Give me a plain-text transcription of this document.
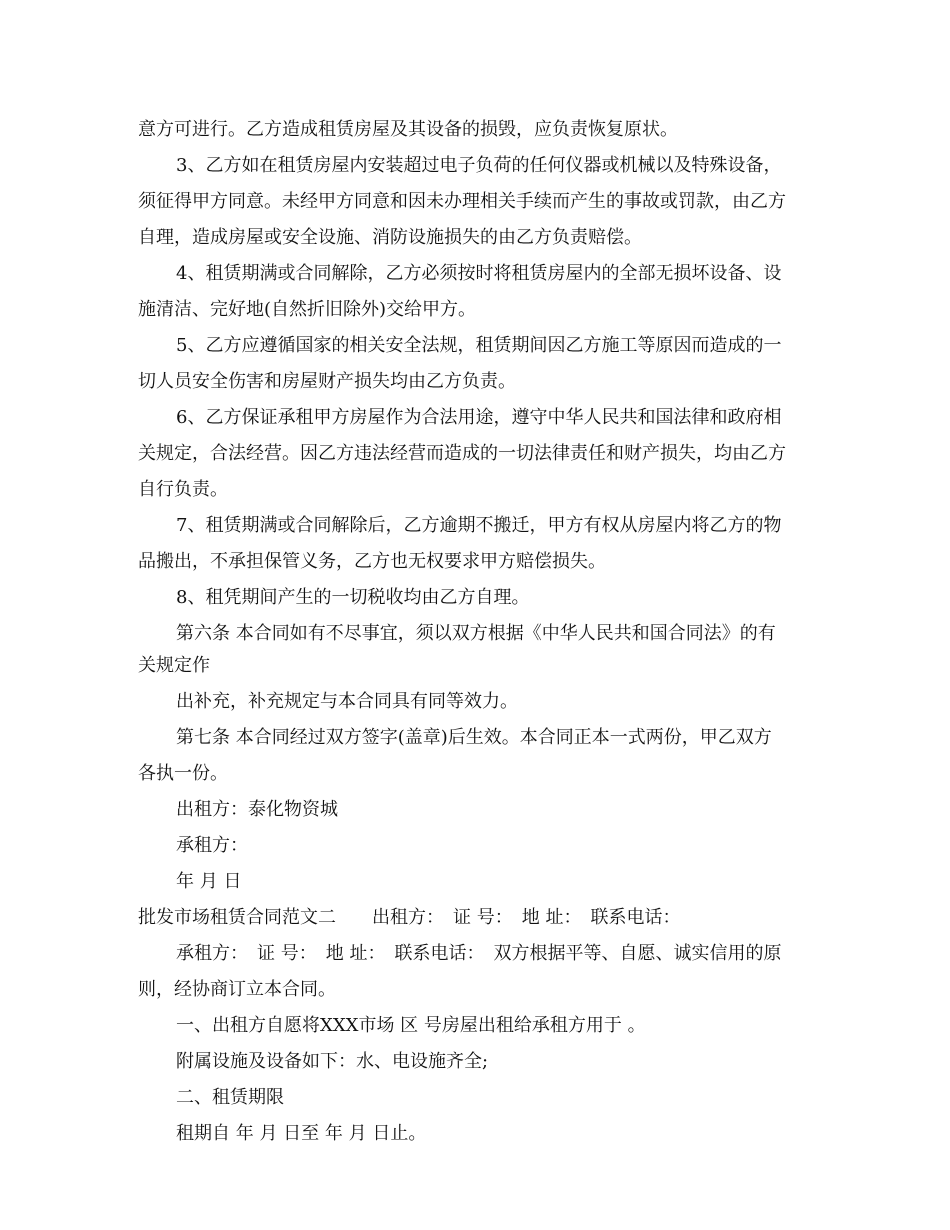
意方可进行。乙方造成租赁房屋及其设备的损毁，应负责恢复原状。

3、乙方如在租赁房屋内安装超过电子负荷的任何仪器或机械以及特殊设备，

须征得甲方同意。未经甲方同意和因未办理相关手续而产生的事故或罚款，由乙方

自理，造成房屋或安全设施、消防设施损失的由乙方负责赔偿。

4、租赁期满或合同解除，乙方必须按时将租赁房屋内的全部无损坏设备、设

施清洁、完好地(自然折旧除外)交给甲方。

5、乙方应遵循国家的相关安全法规，租赁期间因乙方施工等原因而造成的一

切人员安全伤害和房屋财产损失均由乙方负责。

6、乙方保证承租甲方房屋作为合法用途，遵守中华人民共和国法律和政府相

关规定，合法经营。因乙方违法经营而造成的一切法律责任和财产损失，均由乙方

自行负责。

7、租赁期满或合同解除后，乙方逾期不搬迁，甲方有权从房屋内将乙方的物

品搬出，不承担保管义务，乙方也无权要求甲方赔偿损失。

8、租凭期间产生的一切税收均由乙方自理。

第六条 本合同如有不尽事宜，须以双方根据《中华人民共和国合同法》的有

关规定作

出补充，补充规定与本合同具有同等效力。

第七条 本合同经过双方签字(盖章)后生效。本合同正本一式两份，甲乙双方

各执一份。

出租方：泰化物资城

承租方：

年 月 日

批发市场租赁合同范文二　　出租方：　证 号：　地 址：　联系电话：

承租方：　证 号：　地 址：　联系电话：　双方根据平等、自愿、诚实信用的原

则，经协商订立本合同。

一、出租方自愿将XXX市场 区 号房屋出租给承租方用于 。

附属设施及设备如下：水、电设施齐全;

二、租赁期限

租期自 年 月 日至 年 月 日止。
